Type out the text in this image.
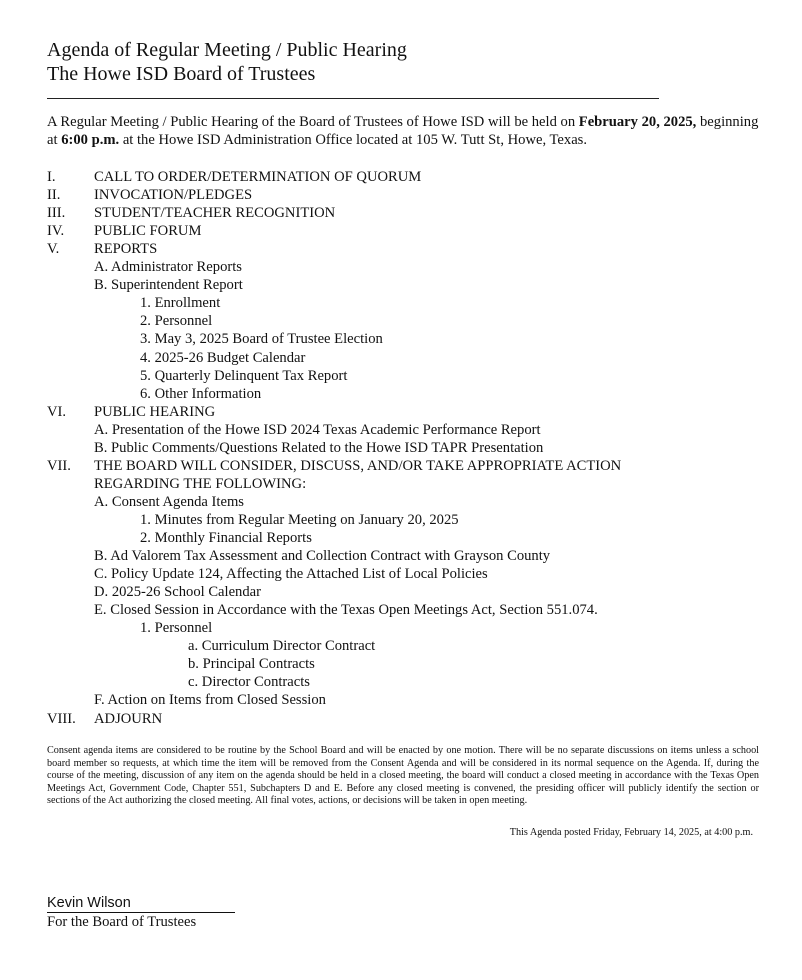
Agenda of Regular Meeting / Public Hearing
The Howe ISD Board of Trustees
A Regular Meeting / Public Hearing of the Board of Trustees of Howe ISD will be held on February 20, 2025, beginning at 6:00 p.m. at the Howe ISD Administration Office located at 105 W. Tutt St, Howe, Texas.
I.	CALL TO ORDER/DETERMINATION OF QUORUM
II. INVOCATION/PLEDGES
III. STUDENT/TEACHER RECOGNITION
IV. PUBLIC FORUM
V. REPORTS
A. Administrator Reports
B. Superintendent Report
1. Enrollment
2. Personnel
3. May 3, 2025 Board of Trustee Election
4. 2025-26 Budget Calendar
5. Quarterly Delinquent Tax Report
6. Other Information
VI. PUBLIC HEARING
A. Presentation of the Howe ISD 2024 Texas Academic Performance Report
B. Public Comments/Questions Related to the Howe ISD TAPR Presentation
VII. THE BOARD WILL CONSIDER, DISCUSS, AND/OR TAKE APPROPRIATE ACTION
REGARDING THE FOLLOWING:
A. Consent Agenda Items
1. Minutes from Regular Meeting on January 20, 2025
2. Monthly Financial Reports
B. Ad Valorem Tax Assessment and Collection Contract with Grayson County
C. Policy Update 124, Affecting the Attached List of Local Policies
D. 2025-26 School Calendar
E. Closed Session in Accordance with the Texas Open Meetings Act, Section 551.074.
1. Personnel
a. Curriculum Director Contract
b. Principal Contracts
c. Director Contracts
F. Action on Items from Closed Session
VIII. ADJOURN
Consent agenda items are considered to be routine by the School Board and will be enacted by one motion. There will be no separate discussions on items unless a school board member so requests, at which time the item will be removed from the Consent Agenda and will be considered in its normal sequence on the Agenda. If, during the course of the meeting, discussion of any item on the agenda should be held in a closed meeting, the board will conduct a closed meeting in accordance with the Texas Open Meetings Act, Government Code, Chapter 551, Subchapters D and E. Before any closed meeting is convened, the presiding officer will publicly identify the section or sections of the Act authorizing the closed meeting. All final votes, actions, or decisions will be taken in open meeting.
This Agenda posted Friday, February 14, 2025, at 4:00 p.m.
Kevin Wilson
For the Board of Trustees
